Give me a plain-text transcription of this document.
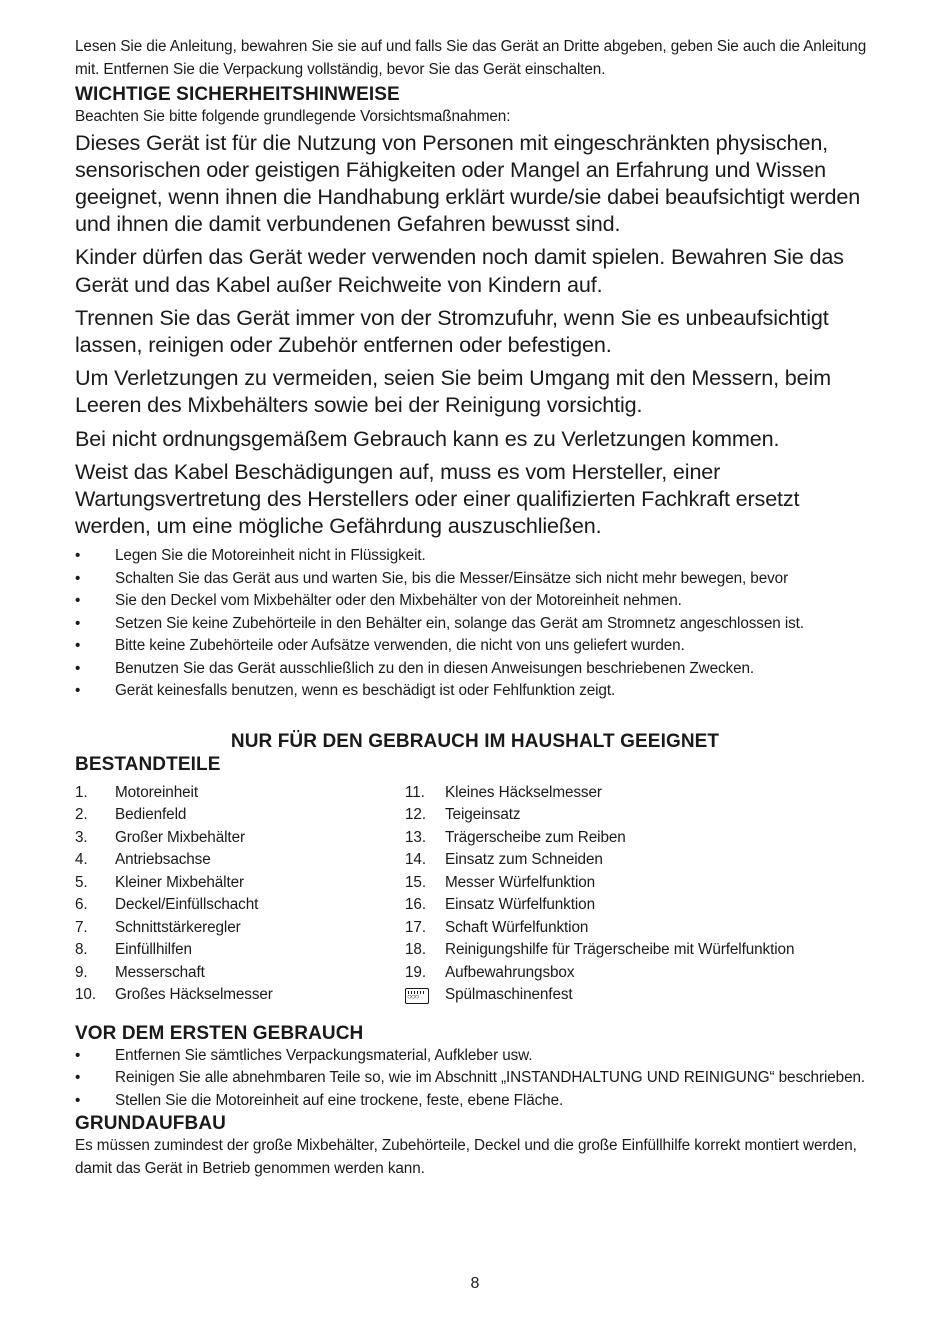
Lesen Sie die Anleitung, bewahren Sie sie auf und falls Sie das Gerät an Dritte abgeben, geben Sie auch die Anleitung mit. Entfernen Sie die Verpackung vollständig, bevor Sie das Gerät einschalten.

WICHTIGE SICHERHEITSHINWEISE

Beachten Sie bitte folgende grundlegende Vorsichtsmaßnahmen:

Dieses Gerät ist für die Nutzung von Personen mit eingeschränkten physischen, sensorischen oder geistigen Fähigkeiten oder Mangel an Erfahrung und Wissen geeignet, wenn ihnen die Handhabung erklärt wurde/sie dabei beaufsichtigt werden und ihnen die damit verbundenen Gefahren bewusst sind.

Kinder dürfen das Gerät weder verwenden noch damit spielen. Bewahren Sie das Gerät und das Kabel außer Reichweite von Kindern auf.

Trennen Sie das Gerät immer von der Stromzufuhr, wenn Sie es unbeaufsichtigt lassen, reinigen oder Zubehör entfernen oder befestigen.

Um Verletzungen zu vermeiden, seien Sie beim Umgang mit den Messern, beim Leeren des Mixbehälters sowie bei der Reinigung vorsichtig.

Bei nicht ordnungsgemäßem Gebrauch kann es zu Verletzungen kommen.

Weist das Kabel Beschädigungen auf, muss es vom Hersteller, einer Wartungsvertretung des Herstellers oder einer qualifizierten Fachkraft ersetzt werden, um eine mögliche Gefährdung auszuschließen.

• Legen Sie die Motoreinheit nicht in Flüssigkeit.
• Schalten Sie das Gerät aus und warten Sie, bis die Messer/Einsätze sich nicht mehr bewegen, bevor
• Sie den Deckel vom Mixbehälter oder den Mixbehälter von der Motoreinheit nehmen.
• Setzen Sie keine Zubehörteile in den Behälter ein, solange das Gerät am Stromnetz angeschlossen ist.
• Bitte keine Zubehörteile oder Aufsätze verwenden, die nicht von uns geliefert wurden.
• Benutzen Sie das Gerät ausschließlich zu den in diesen Anweisungen beschriebenen Zwecken.
• Gerät keinesfalls benutzen, wenn es beschädigt ist oder Fehlfunktion zeigt.
NUR FÜR DEN GEBRAUCH IM HAUSHALT GEEIGNET
BESTANDTEILE
1.	Motoreinheit
2.	Bedienfeld
3.	Großer Mixbehälter
4.	Antriebsachse
5.	Kleiner Mixbehälter
6.	Deckel/Einfüllschacht
7.	Schnittstärkeregler
8.	Einfüllhilfen
9.	Messerschaft
10.	Großes Häckselmesser
11.	Kleines Häckselmesser
12.	Teigeinsatz
13.	Trägerscheibe zum Reiben
14.	Einsatz zum Schneiden
15.	Messer Würfelfunktion
16.	Einsatz Würfelfunktion
17.	Schaft Würfelfunktion
18.	Reinigungshilfe für Trägerscheibe mit Würfelfunktion
19.	Aufbewahrungsbox
○○○
Spülmaschinenfest
VOR DEM ERSTEN GEBRAUCH
• Entfernen Sie sämtliches Verpackungsmaterial, Aufkleber usw.
• Reinigen Sie alle abnehmbaren Teile so, wie im Abschnitt „INSTANDHALTUNG UND REINIGUNG“ beschrieben.
• Stellen Sie die Motoreinheit auf eine trockene, feste, ebene Fläche.
GRUNDAUFBAU

Es müssen zumindest der große Mixbehälter, Zubehörteile, Deckel und die große Einfüllhilfe korrekt montiert werden, damit das Gerät in Betrieb genommen werden kann.

8
